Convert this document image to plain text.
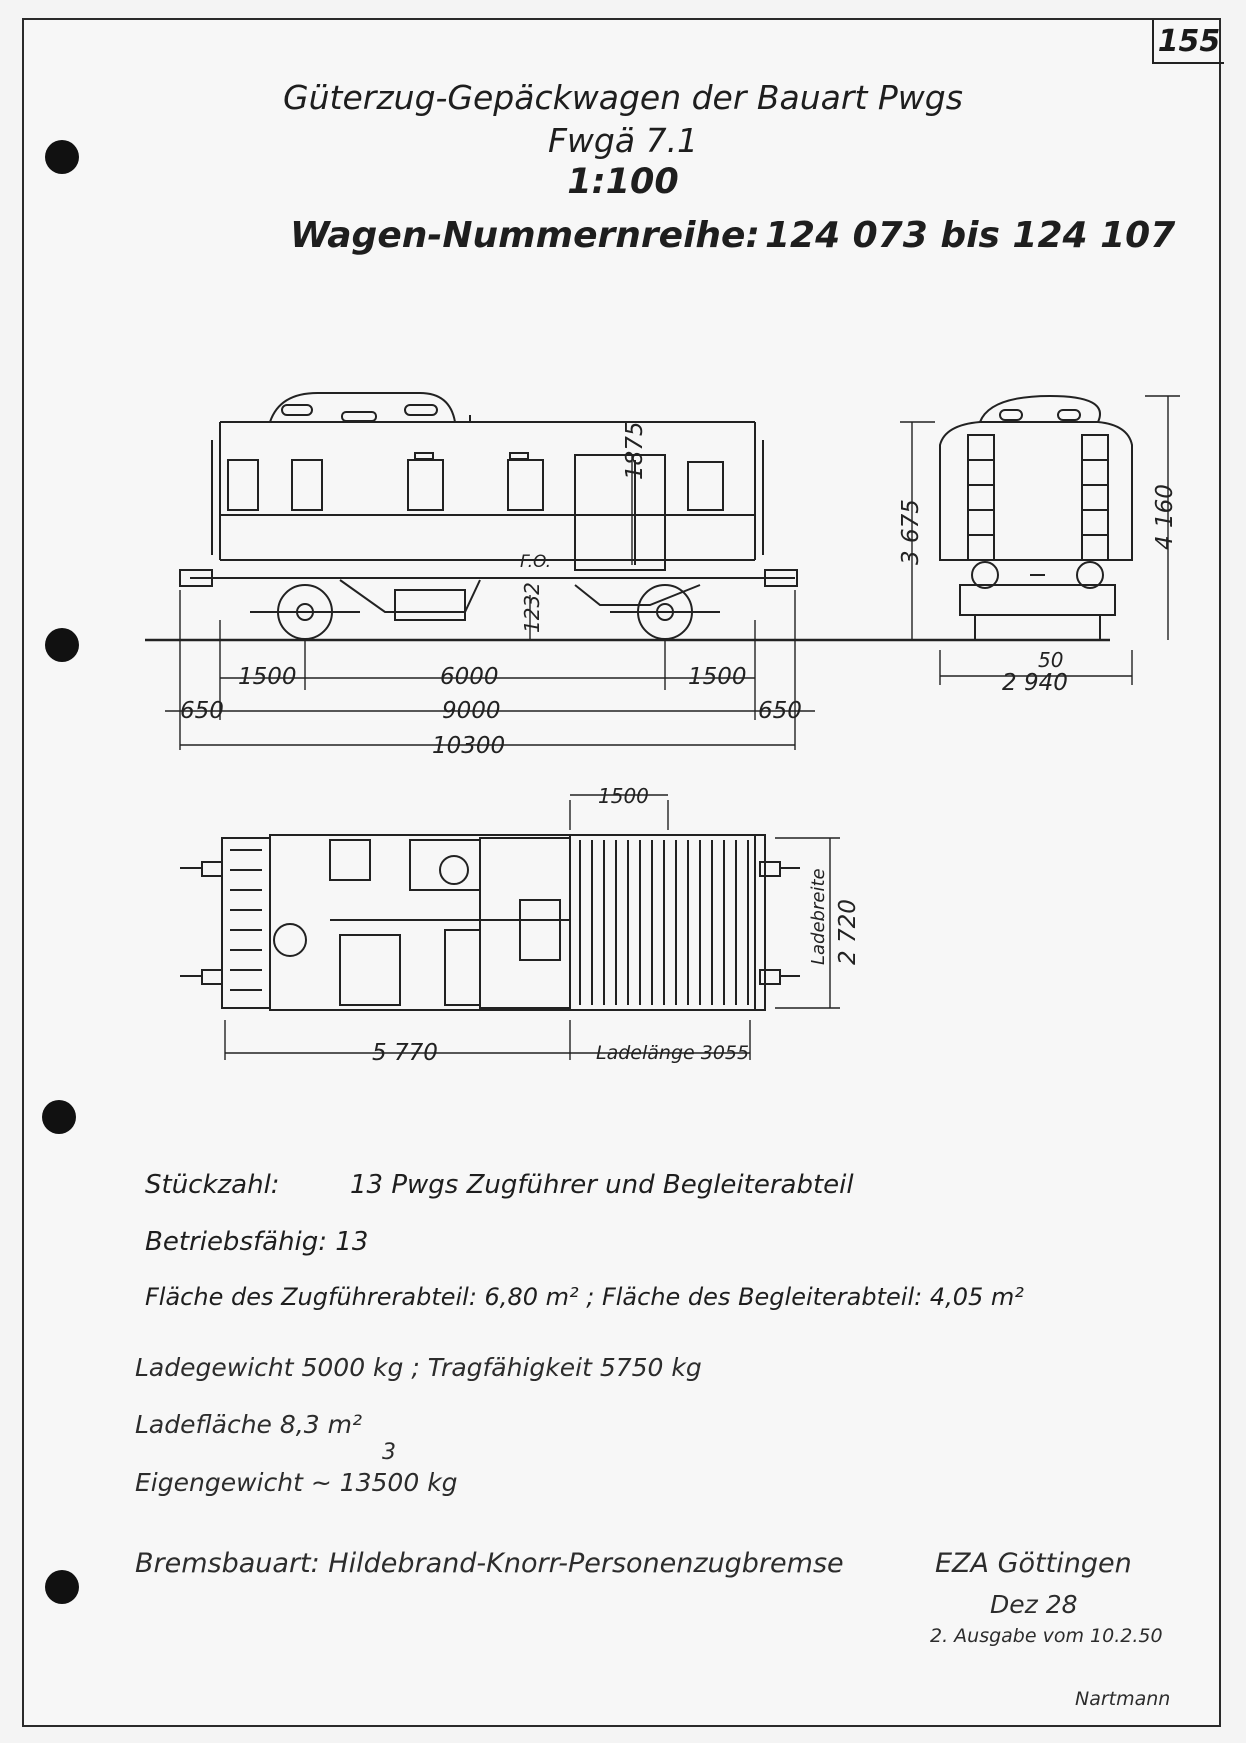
155
Güterzug-Gepäckwagen der Bauart Pwgs
Fwgä 7.1
1:100
Wagen-Nummernreihe: 124 073 bis 124 107
1875
F.O.
1232
1500	6000	1500
650	9000	650
10300
3 675	4 160
2 940
50
1500
Ladebreite 2 720
5 770	Ladelänge 3055
Stückzahl:	13 Pwgs Zugführer und Begleiterabteil
Betriebsfähig: 13
Fläche des Zugführerabteil: 6,80 m² ; Fläche des Begleiterabteil: 4,05 m²
Ladegewicht 5000 kg ; Tragfähigkeit 5750 kg
Ladefläche 8,3 m²
Eigengewicht ~ 13500 kg
3
Bremsbauart: Hildebrand-Knorr-Personenzugbremse	EZA Göttingen
Dez 28
2. Ausgabe vom 10.2.50
Nartmann
